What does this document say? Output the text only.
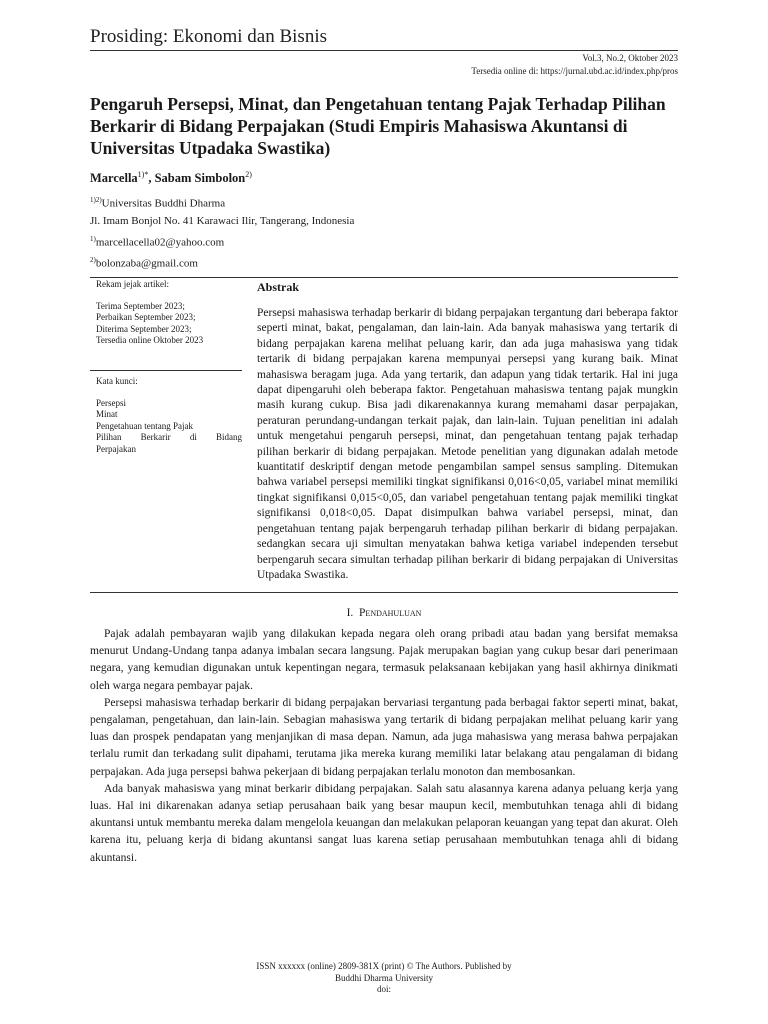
Prosiding: Ekonomi dan Bisnis
Vol.3, No.2, Oktober 2023
Tersedia online di: https://jurnal.ubd.ac.id/index.php/pros
Pengaruh Persepsi, Minat, dan Pengetahuan tentang Pajak Terhadap Pilihan Berkarir di Bidang Perpajakan (Studi Empiris Mahasiswa Akuntansi di Universitas Utpadaka Swastika)
Marcella$^{1)*}$, Sabam Simbolon$^{2)}$
$^{1)2)}$Universitas Buddhi Dharma
Jl. Imam Bonjol No. 41 Karawaci Ilir, Tangerang, Indonesia
$^{1)}$marcellacella02@yahoo.com
$^{2)}$bolonzaba@gmail.com
Rekam jejak artikel:
Terima September 2023;
Perbaikan September 2023;
Diterima September 2023;
Tersedia online Oktober 2023
Kata kunci:
Persepsi
Minat
Pengetahuan tentang Pajak
Pilihan Berkarir di Bidang
Perpajakan
Abstrak
Persepsi mahasiswa terhadap berkarir di bidang perpajakan tergantung dari beberapa faktor seperti minat, bakat, pengalaman, dan lain-lain. Ada banyak mahasiswa yang tertarik di bidang perpajakan karena melihat peluang karir, dan ada juga mahasiswa yang tidak tertarik di bidang perpajakan karena mempunyai persepsi yang kurang baik. Minat mahasiswa beragam juga. Ada yang tertarik, dan adapun yang tidak tertarik. Hal ini juga dapat dipengaruhi oleh beberapa faktor. Pengetahuan mahasiswa tentang pajak mungkin masih kurang cukup. Bisa jadi dikarenakannya kurang memahami dasar perpajakan, peraturan perundang-undangan terkait pajak, dan lain-lain. Tujuan penelitian ini adalah untuk mengetahui pengaruh persepsi, minat, dan pengetahuan tentang pajak terhadap pilihan berkarir di bidang perpajakan. Metode penelitian yang digunakan adalah metode kuantitatif deskriptif dengan metode pengambilan sampel sensus sampling. Ditemukan bahwa variabel persepsi memiliki tingkat signifikansi 0,016<0,05, variabel minat memiliki tingkat signifikansi 0,015<0,05, dan variabel pengetahuan tentang pajak memiliki tingkat signifikansi 0,018<0,05. Dapat disimpulkan bahwa variabel persepsi, minat, dan pengetahuan tentang pajak berpengaruh terhadap pilihan berkarir di bidang perpajakan. sedangkan secara uji simultan menyatakan bahwa ketiga variabel independen tersebut berpengaruh secara simultan terhadap pilihan berkarir di bidang perpajakan di Universitas Utpadaka Swastika.
I. Pendahuluan

Pajak adalah pembayaran wajib yang dilakukan kepada negara oleh orang pribadi atau badan yang bersifat memaksa menurut Undang-Undang tanpa adanya imbalan secara langsung. Pajak merupakan bagian yang cukup besar dari penerimaan negara, yang kemudian digunakan untuk kepentingan negara, termasuk pelaksanaan kebijakan yang hasil akhirnya dinikmati oleh warga negara pembayar pajak.

Persepsi mahasiswa terhadap berkarir di bidang perpajakan bervariasi tergantung pada berbagai faktor seperti minat, bakat, pengalaman, pengetahuan, dan lain-lain. Sebagian mahasiswa yang tertarik di bidang perpajakan melihat peluang karir yang luas dan prospek pendapatan yang menjanjikan di masa depan. Namun, ada juga mahasiswa yang merasa bahwa perpajakan terlalu rumit dan terkadang sulit dipahami, terutama jika mereka kurang memiliki latar belakang atau pengalaman di bidang perpajakan. Ada juga persepsi bahwa pekerjaan di bidang perpajakan terlalu monoton dan membosankan.

Ada banyak mahasiswa yang minat berkarir dibidang perpajakan. Salah satu alasannya karena adanya peluang kerja yang luas. Hal ini dikarenakan adanya setiap perusahaan baik yang besar maupun kecil, membutuhkan tenaga ahli di bidang akuntansi untuk membantu mereka dalam mengelola keuangan dan melakukan pelaporan keuangan yang tepat dan akurat. Oleh karena itu, peluang kerja di bidang akuntansi sangat luas karena setiap perusahaan membutuhkan tenaga ahli di bidang akuntansi.

ISSN xxxxxx (online) 2809-381X (print) © The Authors. Published by
Buddhi Dharma University
doi:
